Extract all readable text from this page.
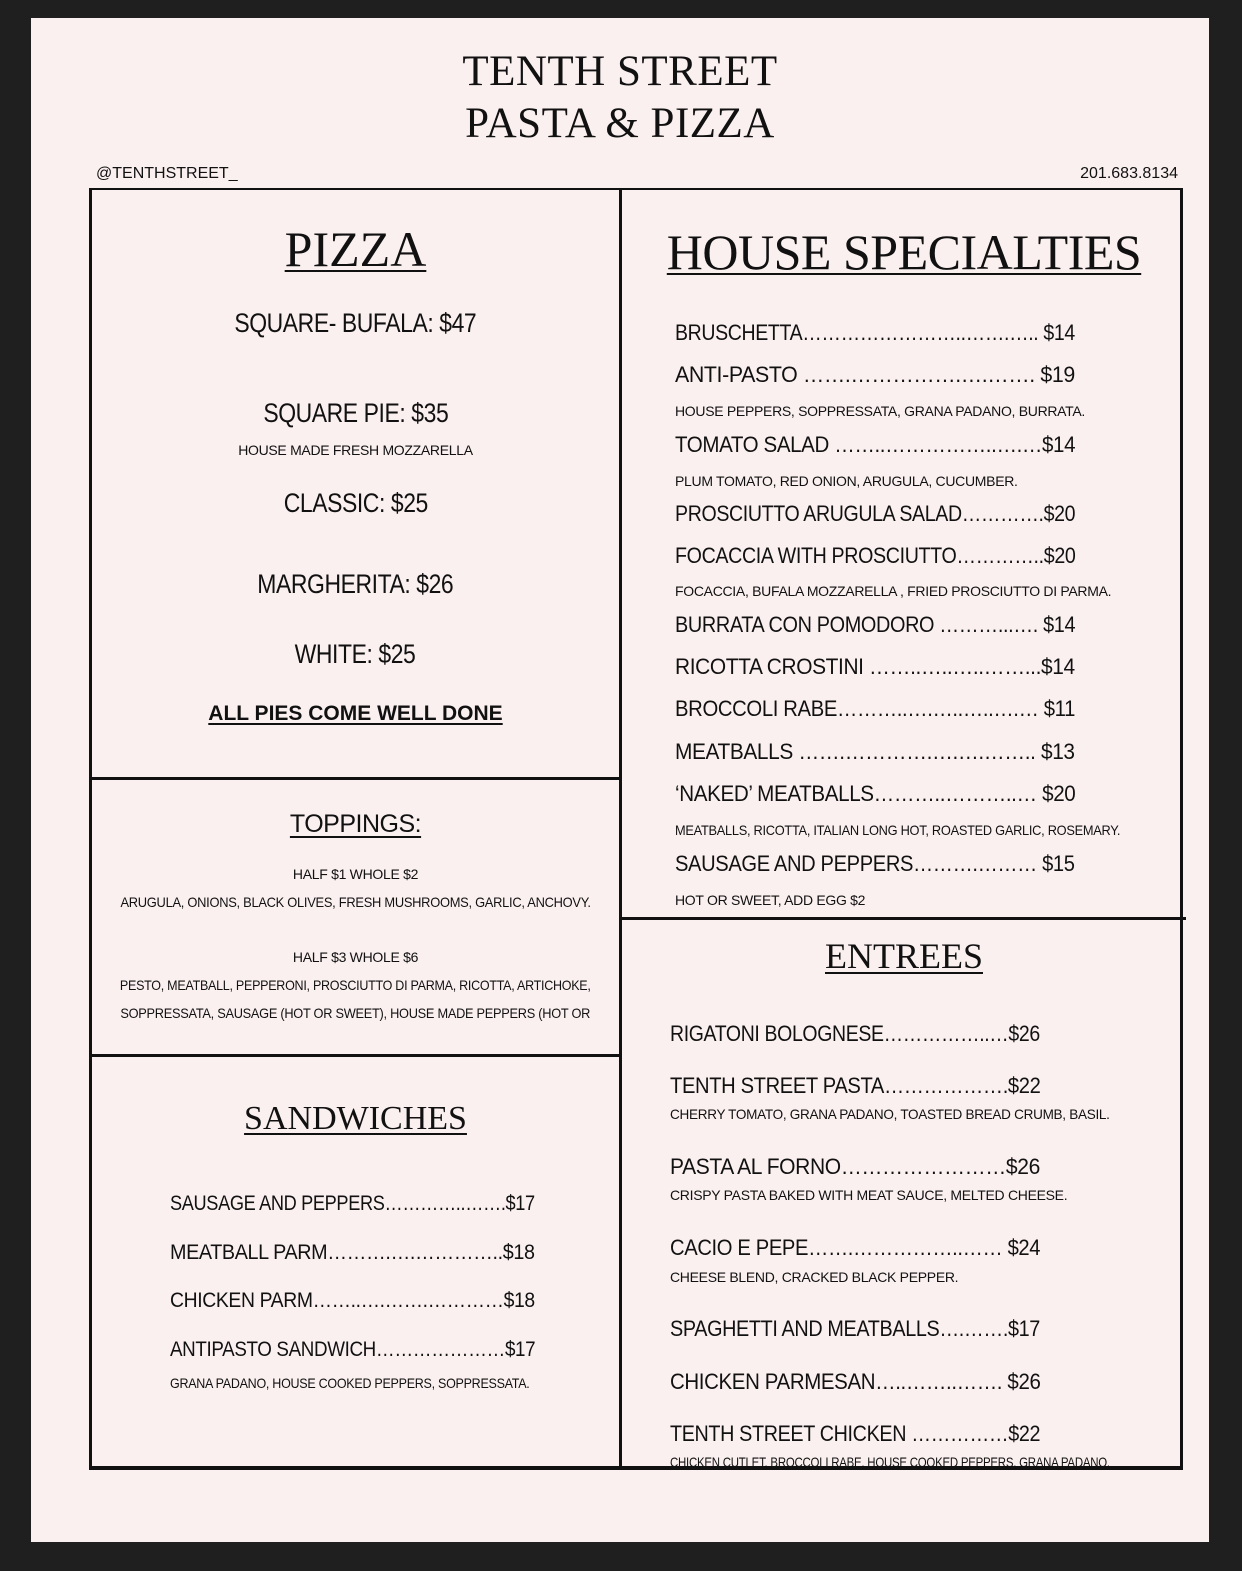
TENTH STREET
PASTA & PIZZA
@TENTHSTREET_	201.683.8134
PIZZA
SQUARE- BUFALA: $47
SQUARE PIE: $35
HOUSE MADE FRESH MOZZARELLA
CLASSIC: $25
MARGHERITA: $26
WHITE: $25
ALL PIES COME WELL DONE
TOPPINGS:
HALF $1 WHOLE $2
ARUGULA, ONIONS, BLACK OLIVES, FRESH MUSHROOMS, GARLIC, ANCHOVY.
HALF $3 WHOLE $6
PESTO, MEATBALL, PEPPERONI, PROSCIUTTO DI PARMA, RICOTTA, ARTICHOKE,
SOPPRESSATA, SAUSAGE (HOT OR SWEET), HOUSE MADE PEPPERS (HOT OR
SANDWICHES
SAUSAGE AND PEPPERS…………..…….$17
MEATBALL PARM……….….…………..$18
CHICKEN PARM……..….…….…………$18
ANTIPASTO SANDWICH…………………$17
GRANA PADANO, HOUSE COOKED PEPPERS, SOPPRESSATA.
HOUSE SPECIALTIES
BRUSCHETTA……………………..…….….. $14
ANTI-PASTO …….…………….….……. $19
HOUSE PEPPERS, SOPPRESSATA, GRANA PADANO, BURRATA.
TOMATO SALAD ……..……………..….…$14
PLUM TOMATO, RED ONION, ARUGULA, CUCUMBER.
PROSCIUTTO ARUGULA SALAD………….$20
FOCACCIA WITH PROSCIUTTO…………..$20
FOCACCIA, BUFALA MOZZARELLA , FRIED PROSCIUTTO DI PARMA.
BURRATA CON POMODORO ………...…. $14
RICOTTA CROSTINI ……..…..…..……...$14
BROCCOLI RABE………..….…..…..….… $11
MEATBALLS …….………….….….…….. $13
‘NAKED’ MEATBALLS………..………..… $20
MEATBALLS, RICOTTA, ITALIAN LONG HOT, ROASTED GARLIC, ROSEMARY.
SAUSAGE AND PEPPERS……….……… $15
HOT OR SWEET, ADD EGG $2
ENTREES
RIGATONI BOLOGNESE……………..…$26
TENTH STREET PASTA……………….$22
CHERRY TOMATO, GRANA PADANO, TOASTED BREAD CRUMB, BASIL.
PASTA AL FORNO……………………$26
CRISPY PASTA BAKED WITH MEAT SAUCE, MELTED CHEESE.
CACIO E PEPE…….……………..…… $24
CHEESE BLEND, CRACKED BLACK PEPPER.
SPAGHETTI AND MEATBALLS….…….$17
CHICKEN PARMESAN…..……..……. $26
TENTH STREET CHICKEN ……………$22
CHICKEN CUTLET. BROCCOLI RABE, HOUSE COOKED PEPPERS, GRANA PADANO.
